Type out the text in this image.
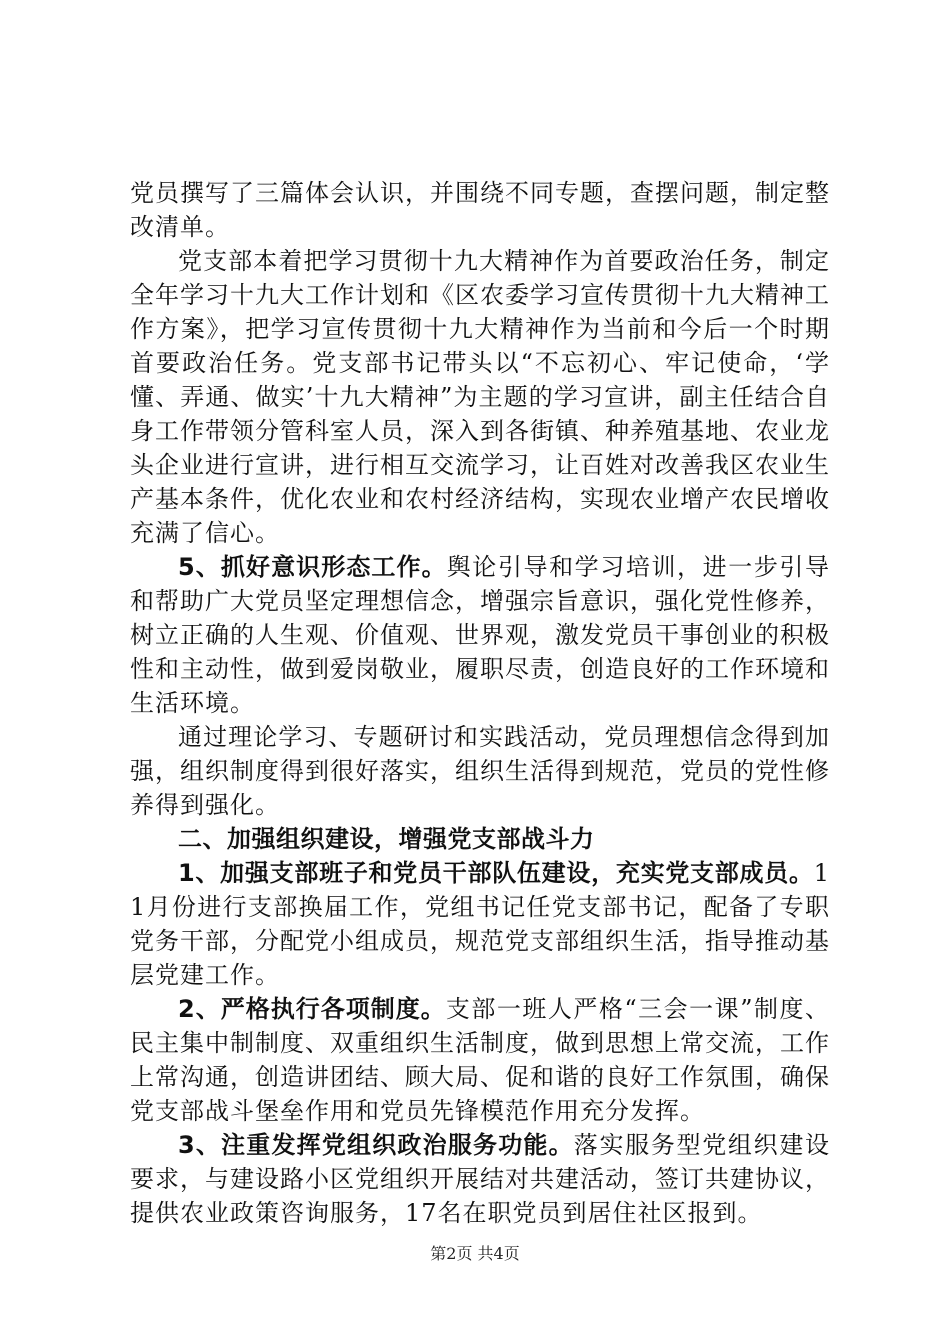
党员撰写了三篇体会认识，并围绕不同专题，查摆问题，制定整改清单。

党支部本着把学习贯彻十九大精神作为首要政治任务，制定全年学习十九大工作计划和《区农委学习宣传贯彻十九大精神工作方案》，把学习宣传贯彻十九大精神作为当前和今后一个时期首要政治任务。党支部书记带头以“不忘初心、牢记使命，‘学懂、弄通、做实’十九大精神”为主题的学习宣讲，副主任结合自身工作带领分管科室人员，深入到各街镇、种养殖基地、农业龙头企业进行宣讲，进行相互交流学习，让百姓对改善我区农业生产基本条件，优化农业和农村经济结构，实现农业增产农民增收充满了信心。

5、抓好意识形态工作。舆论引导和学习培训，进一步引导和帮助广大党员坚定理想信念，增强宗旨意识，强化党性修养，树立正确的人生观、价值观、世界观，激发党员干事创业的积极性和主动性，做到爱岗敬业，履职尽责，创造良好的工作环境和生活环境。

通过理论学习、专题研讨和实践活动，党员理想信念得到加强，组织制度得到很好落实，组织生活得到规范，党员的党性修养得到强化。

二、加强组织建设，增强党支部战斗力

1、加强支部班子和党员干部队伍建设，充实党支部成员。11月份进行支部换届工作，党组书记任党支部书记，配备了专职党务干部，分配党小组成员，规范党支部组织生活，指导推动基层党建工作。

2、严格执行各项制度。支部一班人严格“三会一课”制度、民主集中制制度、双重组织生活制度，做到思想上常交流，工作上常沟通，创造讲团结、顾大局、促和谐的良好工作氛围，确保党支部战斗堡垒作用和党员先锋模范作用充分发挥。

3、注重发挥党组织政治服务功能。落实服务型党组织建设要求，与建设路小区党组织开展结对共建活动，签订共建协议，提供农业政策咨询服务，17名在职党员到居住社区报到。

第2页 共4页
